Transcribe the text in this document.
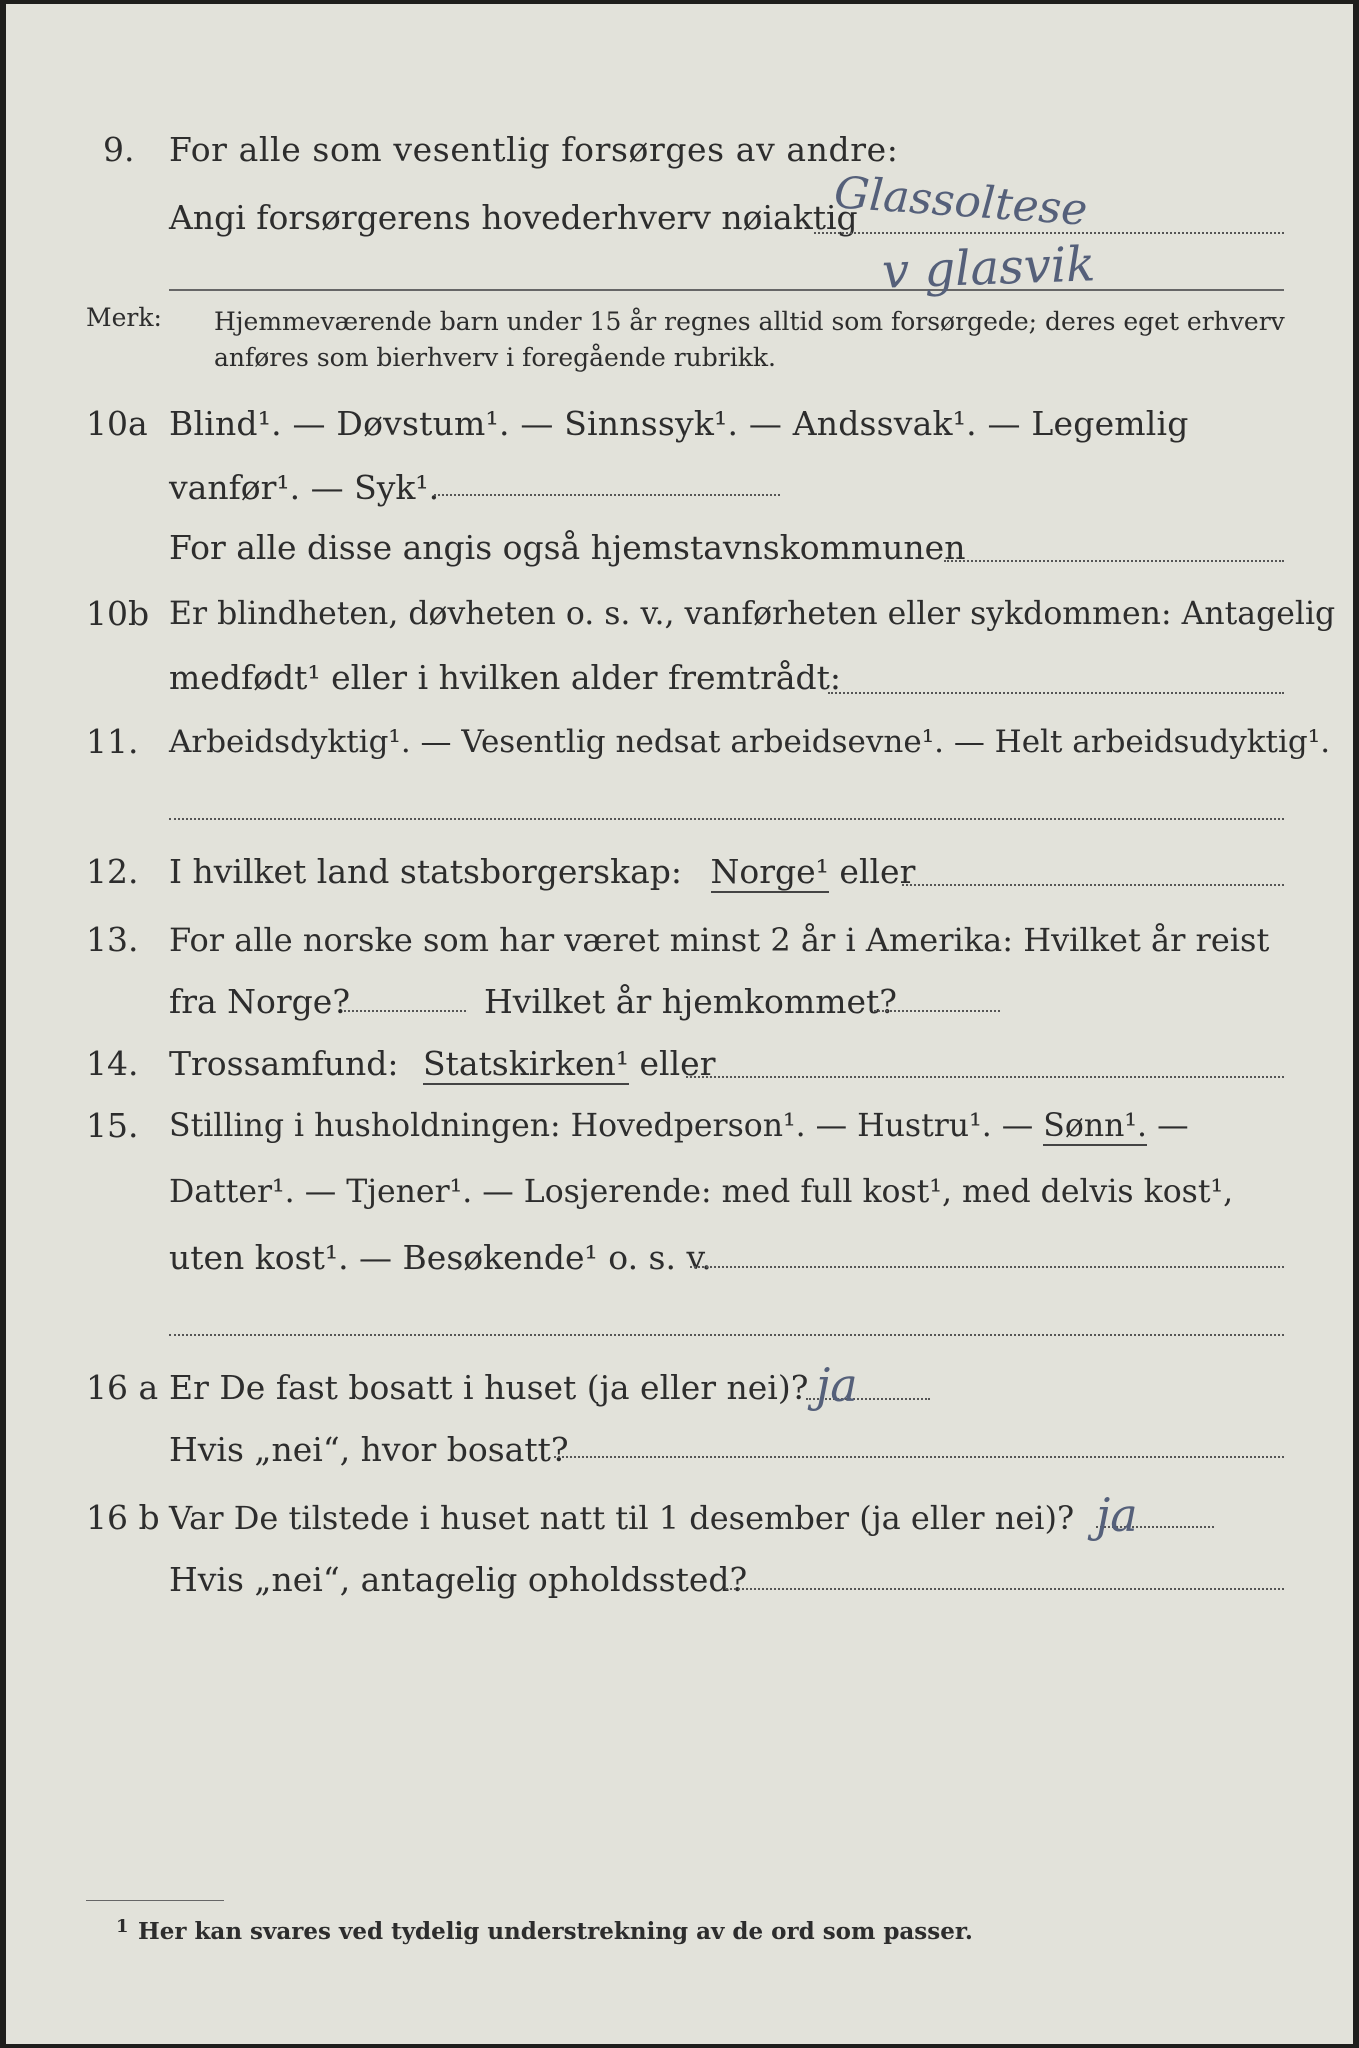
9. For alle som vesentlig forsørges av andre:
Angi forsørgerens hovederhverv nøiaktig
Glassoltese
v glasvik
Merk: Hjemmeværende barn under 15 år regnes alltid som forsørgede; deres eget erhverv
anføres som bierhverv i foregående rubrikk.
10a Blind¹. — Døvstum¹. — Sinnssyk¹. — Andssvak¹. — Legemlig
vanfør¹. — Syk¹.
For alle disse angis også hjemstavnskommunen
10b Er blindheten, døvheten o. s. v., vanførheten eller sykdommen: Antagelig
medfødt¹ eller i hvilken alder fremtrådt:
11. Arbeidsdyktig¹. — Vesentlig nedsat arbeidsevne¹. — Helt arbeidsudyktig¹.
12. I hvilket land statsborgerskap: Norge¹ eller
13. For alle norske som har været minst 2 år i Amerika: Hvilket år reist
fra Norge?	Hvilket år hjemkommet?
14. Trossamfund: Statskirken¹ eller
15. Stilling i husholdningen: Hovedperson¹. — Hustru¹. — Sønn¹. —
Datter¹. — Tjener¹. — Losjerende: med full kost¹, med delvis kost¹,
uten kost¹. — Besøkende¹ o. s. v.
16 a Er De fast bosatt i huset (ja eller nei)? ja
Hvis „nei“, hvor bosatt?
16 b Var De tilstede i huset natt til 1 desember (ja eller nei)? ja
Hvis „nei“, antagelig opholdssted?
1 Her kan svares ved tydelig understrekning av de ord som passer.
